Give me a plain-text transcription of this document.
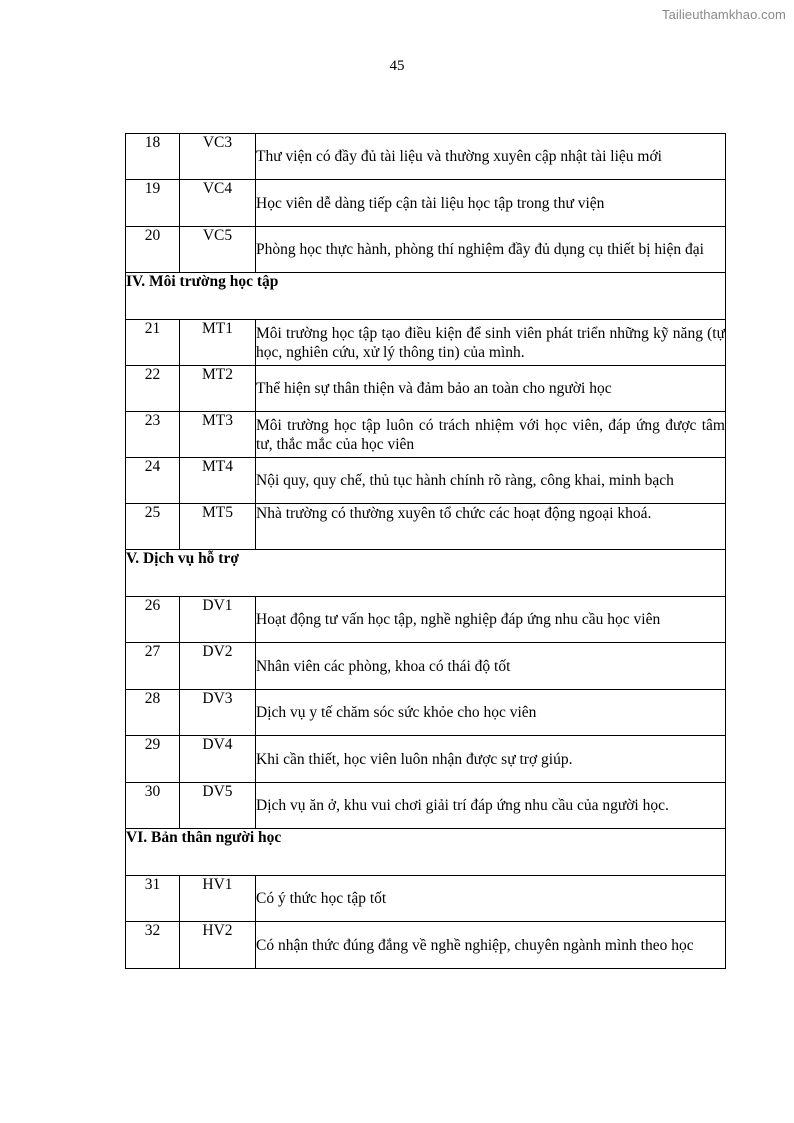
Tailieuthamkhao.com
45
18	VC3	Thư viện có đầy đủ tài liệu và thường xuyên cập nhật tài liệu mới
19	VC4	Học viên dễ dàng tiếp cận tài liệu học tập trong thư viện
20	VC5	Phòng học thực hành, phòng thí nghiệm đầy đủ dụng cụ thiết bị hiện đại
IV. Môi trường học tập		
21	MT1	Môi trường học tập tạo điều kiện để sinh viên phát triển những kỹ năng (tự học, nghiên cứu, xử lý thông tin) của mình.
22	MT2	Thể hiện sự thân thiện và đảm bảo an toàn cho người học
23	MT3	Môi trường học tập luôn có trách nhiệm với học viên, đáp ứng được tâm tư, thắc mắc của học viên
24	MT4	Nội quy, quy chế, thủ tục hành chính rõ ràng, công khai, minh bạch
25	MT5	Nhà trường có thường xuyên tổ chức các hoạt động ngoại khoá.
V. Dịch vụ hỗ trợ		
26	DV1	Hoạt động tư vấn học tập, nghề nghiệp đáp ứng nhu cầu học viên
27	DV2	Nhân viên các phòng, khoa có thái độ tốt
28	DV3	Dịch vụ y tế chăm sóc sức khỏe cho học viên
29	DV4	Khi cần thiết, học viên luôn nhận được sự trợ giúp.
30	DV5	Dịch vụ ăn ở, khu vui chơi giải trí đáp ứng nhu cầu của người học.
VI. Bản thân người học		
31	HV1	Có ý thức học tập tốt
32	HV2	Có nhận thức đúng đắng về nghề nghiệp, chuyên ngành mình theo học
